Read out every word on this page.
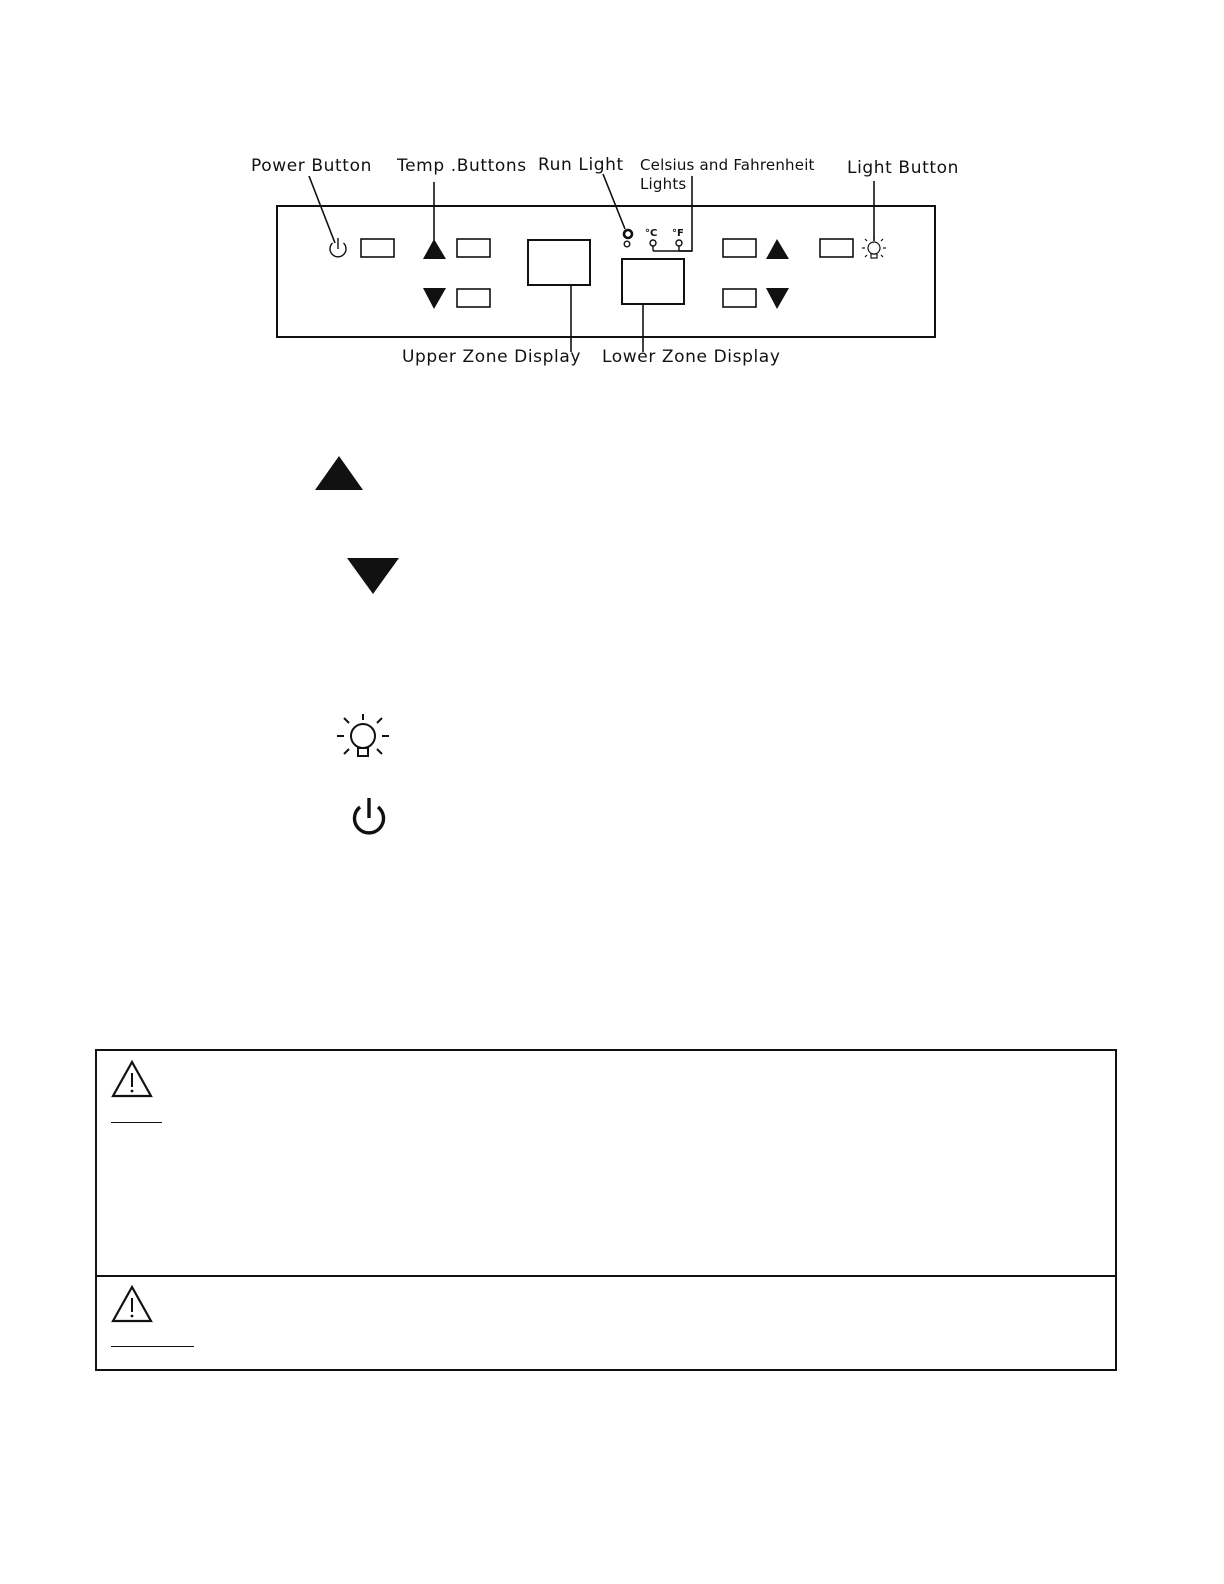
Power Button Temp .Buttons Run Light Celsius and Fahrenheit
Lights
Light Button
Upper Zone Display Lower Zone Display
°C °F
